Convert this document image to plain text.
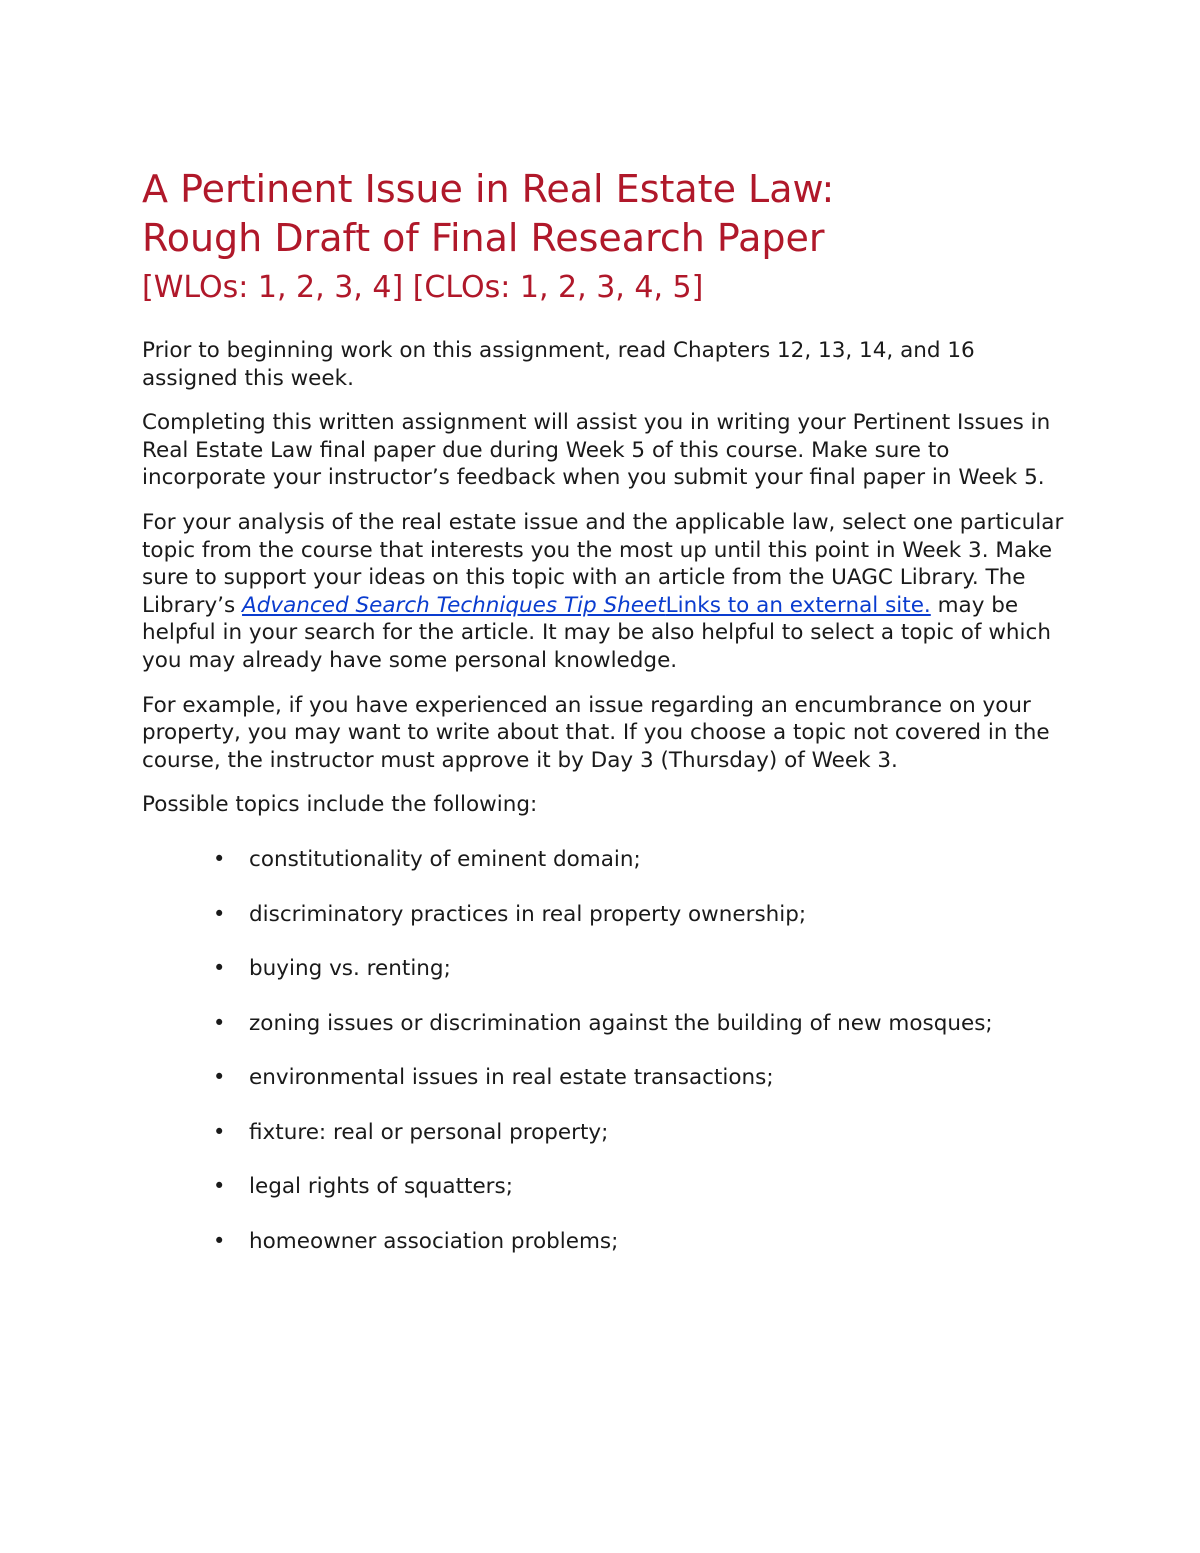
A Pertinent Issue in Real Estate Law:
Rough Draft of Final Research Paper
[WLOs: 1, 2, 3, 4] [CLOs: 1, 2, 3, 4, 5]

Prior to beginning work on this assignment, read Chapters 12, 13, 14, and 16 assigned this week.

Completing this written assignment will assist you in writing your Pertinent Issues in Real Estate Law final paper due during Week 5 of this course. Make sure to incorporate your instructor’s feedback when you submit your final paper in Week 5.

For your analysis of the real estate issue and the applicable law, select one particular topic from the course that interests you the most up until this point in Week 3. Make sure to support your ideas on this topic with an article from the UAGC Library. The Library’s Advanced Search Techniques Tip SheetLinks to an external site. may be helpful in your search for the article. It may be also helpful to select a topic of which you may already have some personal knowledge.

For example, if you have experienced an issue regarding an encumbrance on your property, you may want to write about that. If you choose a topic not covered in the course, the instructor must approve it by Day 3 (Thursday) of Week 3.

Possible topics include the following:

• constitutionality of eminent domain;
• discriminatory practices in real property ownership;
• buying vs. renting;
• zoning issues or discrimination against the building of new mosques;
• environmental issues in real estate transactions;
• fixture: real or personal property;
• legal rights of squatters;
• homeowner association problems;
